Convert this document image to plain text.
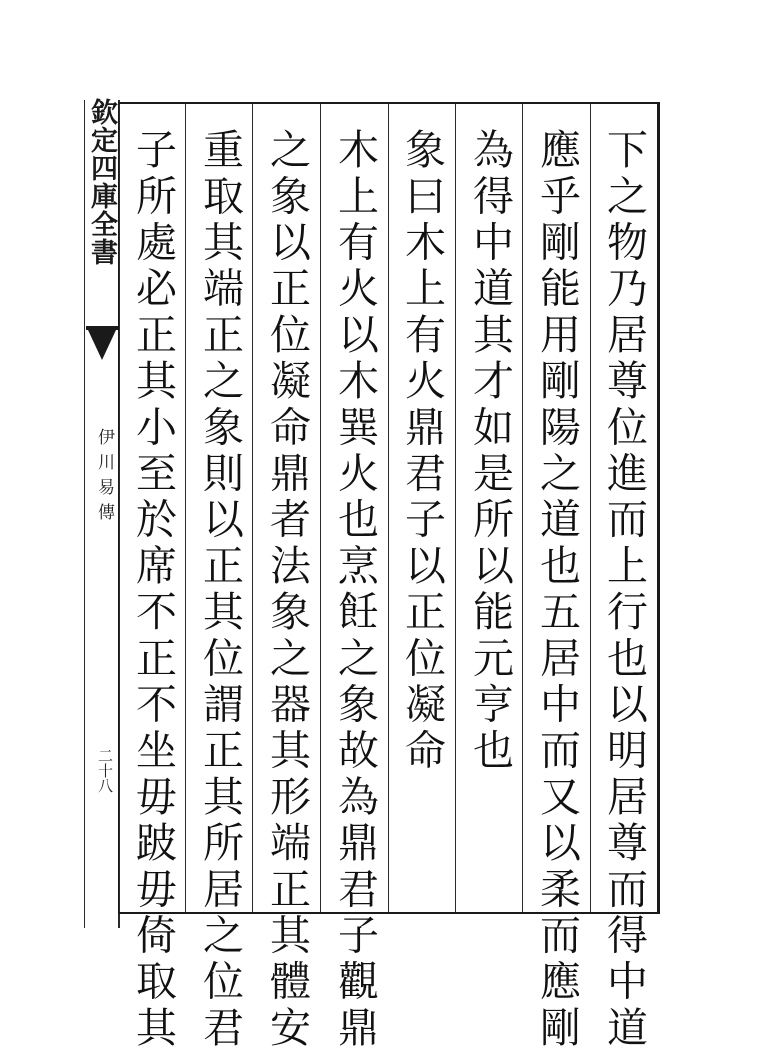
欽定四庫全書
伊川易傳
二十八	下之物乃居尊位進而上行也以明居尊而得中道
應乎剛能用剛陽之道也五居中而又以柔而應剛
為得中道其才如是所以能元亨也
象曰木上有火鼎君子以正位凝命
木上有火以木巽火也烹飪之象故為鼎君子觀鼎
之象以正位凝命鼎者法象之器其形端正其體安
重取其端正之象則以正其位謂正其所居之位君
子所處必正其小至於席不正不坐毋跛毋倚取其
